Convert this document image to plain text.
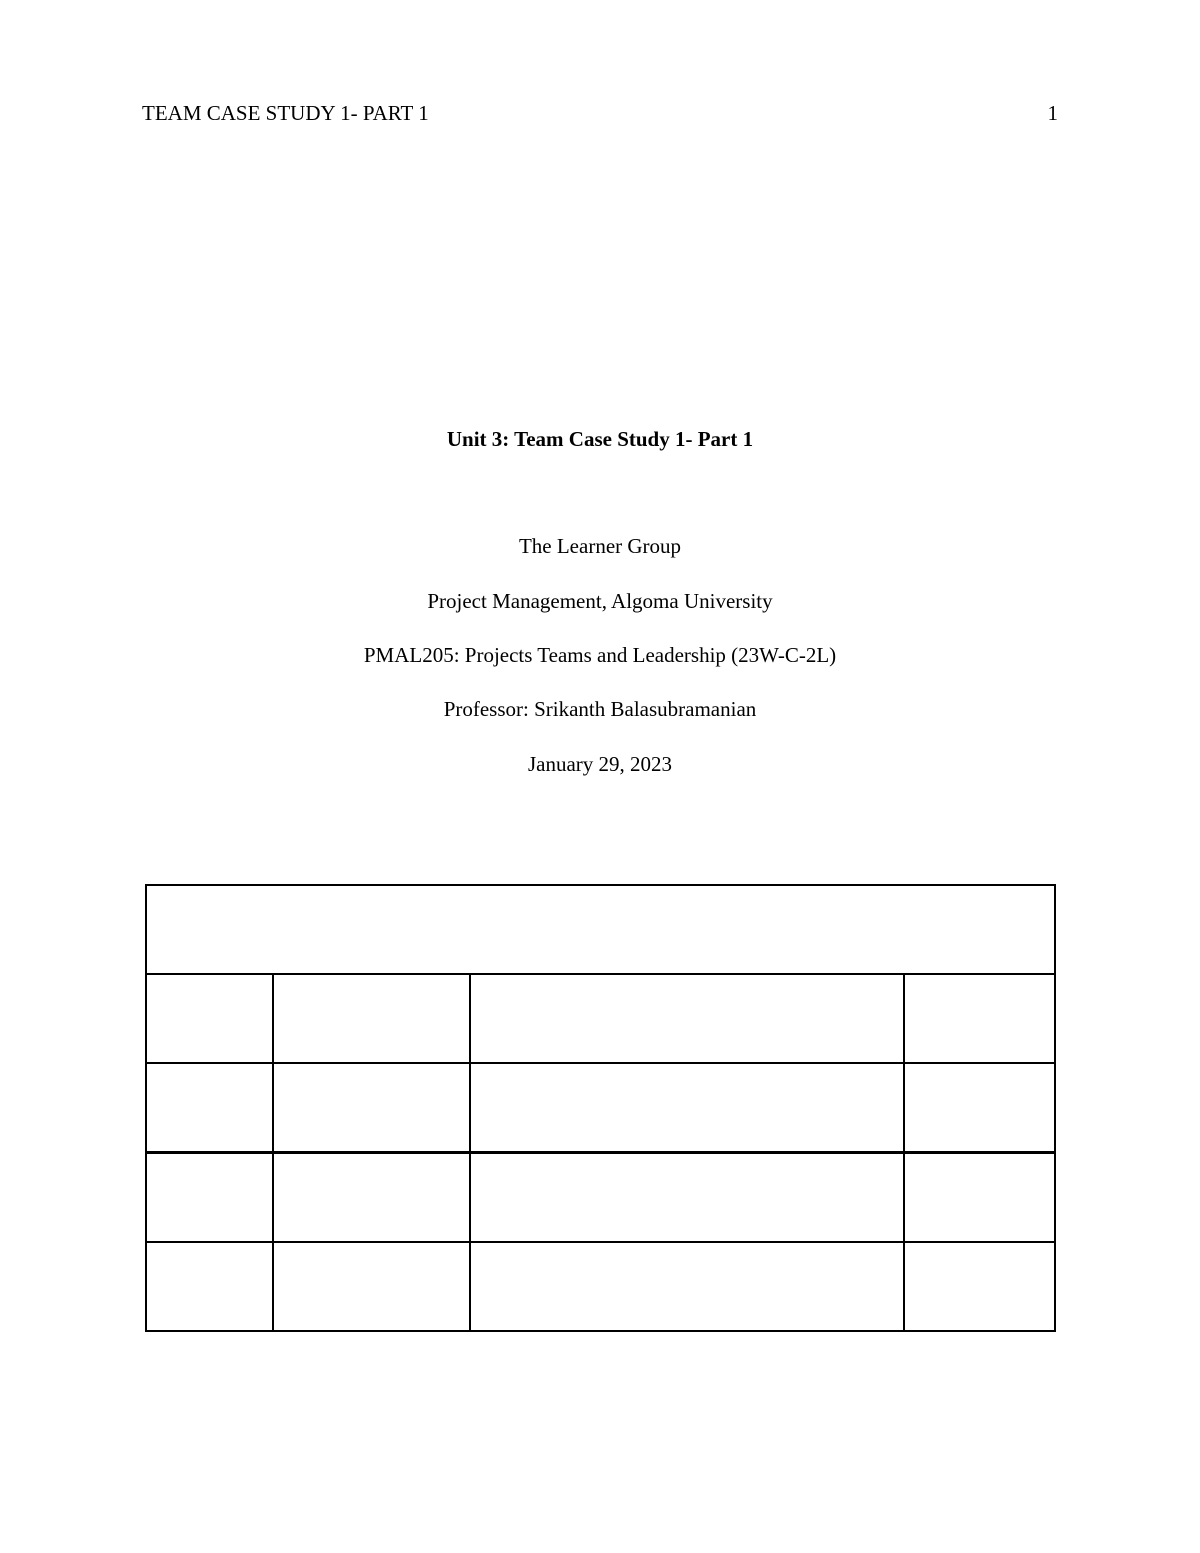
TEAM CASE STUDY 1- PART 1	1

Unit 3: Team Case Study 1- Part 1

The Learner Group

Project Management, Algoma University

PMAL205: Projects Teams and Leadership (23W-C-2L)

Professor: Srikanth Balasubramanian

January 29, 2023
